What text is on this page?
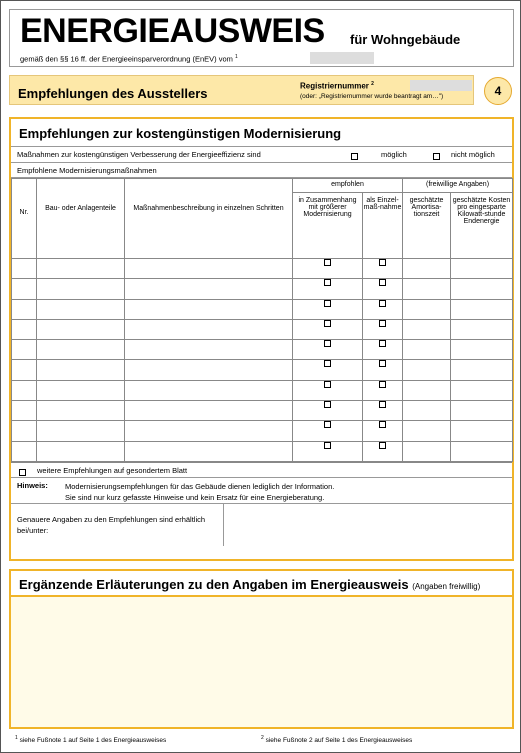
ENERGIEAUSWEIS für Wohngebäude
gemäß den §§ 16 ff. der Energieeinsparverordnung (EnEV) vom $^1$
Empfehlungen des Ausstellers	Registriernummer $^2$
(oder: „Registriernummer wurde beantragt am…")	4
Empfehlungen zur kostengünstigen Modernisierung
Maßnahmen zur kostengünstigen Verbesserung der Energieeffizienz sind	möglich	nicht möglich
Empfohlene Modernisierungsmaßnahmen
Nr.	Bau- oder Anlagenteile	Maßnahmenbeschreibung in einzelnen Schritten	empfohlen		(freiwillige Angaben)	
			in Zusammenhang mit größerer Modernisierung	als Einzel-maß-nahme	geschätzte Amortisa-tionszeit	geschätzte Kosten pro eingesparte Kilowatt-stunde Endenergie

weitere Empfehlungen auf gesondertem Blatt
Hinweis: Modernisierungsempfehlungen für das Gebäude dienen lediglich der Information.
Sie sind nur kurz gefasste Hinweise und kein Ersatz für eine Energieberatung.
Genauere Angaben zu den Empfehlungen sind erhältlich bei/unter:
Ergänzende Erläuterungen zu den Angaben im Energieausweis (Angaben freiwillig)
$^1$ siehe Fußnote 1 auf Seite 1 des Energieausweises	$^2$ siehe Fußnote 2 auf Seite 1 des Energieausweises
